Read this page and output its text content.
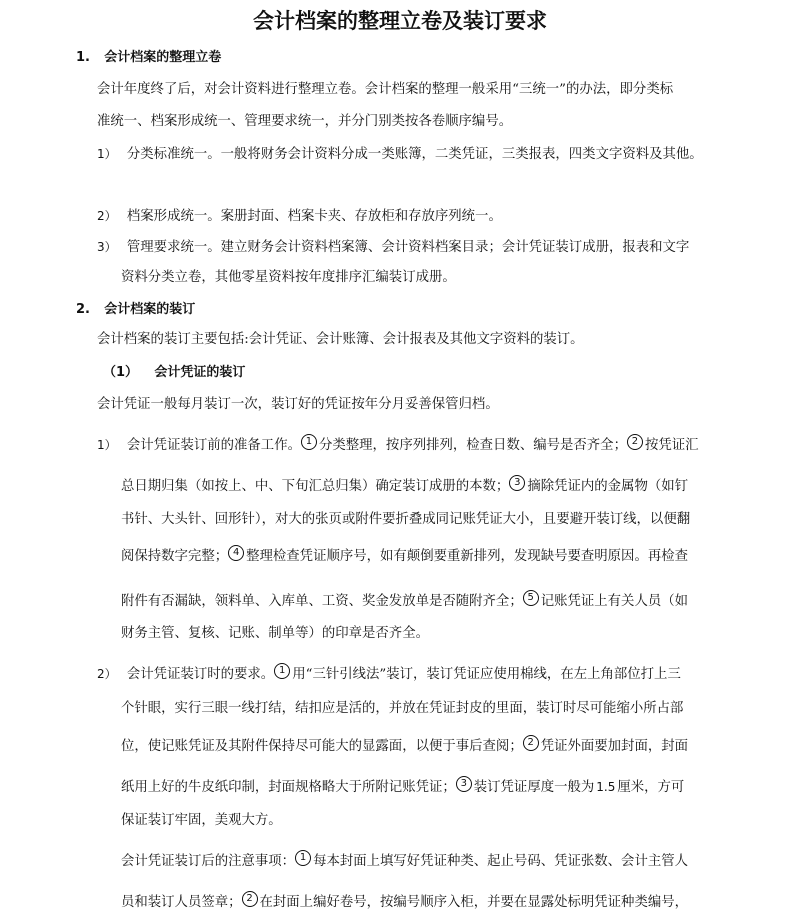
会计档案的整理立卷及装订要求
1. 会计档案的整理立卷
会计年度终了后，对会计资料进行整理立卷。会计档案的整理一般采用“三统一”的办法，即分类标
准统一、档案形成统一、管理要求统一，并分门别类按各卷顺序编号。
1） 分类标准统一。一般将财务会计资料分成一类账簿，二类凭证，三类报表，四类文字资料及其他。
2） 档案形成统一。案册封面、档案卡夹、存放柜和存放序列统一。
3） 管理要求统一。建立财务会计资料档案簿、会计资料档案目录；会计凭证装订成册，报表和文字
资料分类立卷，其他零星资料按年度排序汇编装订成册。
2. 会计档案的装订
会计档案的装订主要包括:会计凭证、会计账簿、会计报表及其他文字资料的装订。
（1） 会计凭证的装订
会计凭证一般每月装订一次，装订好的凭证按年分月妥善保管归档。
1） 会计凭证装订前的准备工作。 1 分类整理，按序列排列，检查日数、编号是否齐全； 2 按凭证汇
总日期归集（如按上、中、下旬汇总归集）确定装订成册的本数； 3 摘除凭证内的金属物（如钉
书针、大头针、回形针），对大的张页或附件要折叠成同记账凭证大小，且要避开装订线，以便翻
阅保持数字完整； 4 整理检查凭证顺序号，如有颠倒要重新排列，发现缺号要查明原因。再检查
附件有否漏缺，领料单、入库单、工资、奖金发放单是否随附齐全； 5 记账凭证上有关人员（如
财务主管、复核、记账、制单等）的印章是否齐全。
2） 会计凭证装订时的要求。 1 用“三针引线法”装订，装订凭证应使用棉线，在左上角部位打上三
个针眼，实行三眼一线打结，结扣应是活的，并放在凭证封皮的里面，装订时尽可能缩小所占部
位，使记账凭证及其附件保持尽可能大的显露面，以便于事后查阅； 2 凭证外面要加封面，封面
纸用上好的牛皮纸印制，封面规格略大于所附记账凭证； 3 装订凭证厚度一般为 1.5 厘米，方可
保证装订牢固，美观大方。
会计凭证装订后的注意事项： 1 每本封面上填写好凭证种类、起止号码、凭证张数、会计主管人
员和装订人员签章； 2 在封面上编好卷号，按编号顺序入柜，并要在显露处标明凭证种类编号，
